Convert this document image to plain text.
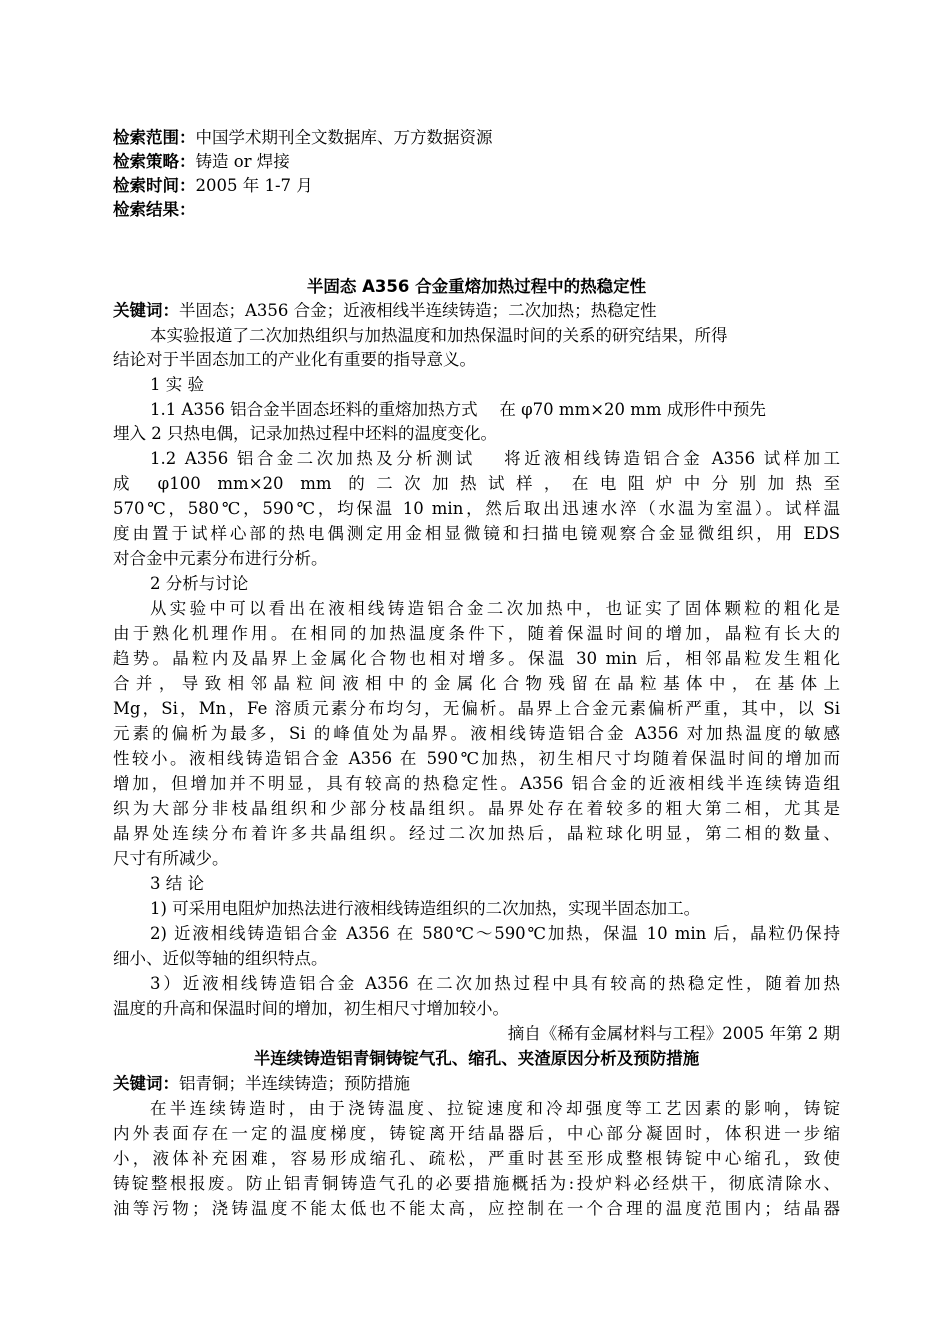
检索范围：中国学术期刊全文数据库、万方数据资源
检索策略：铸造 or 焊接
检索时间：2005 年 1-7 月
检索结果：
半固态 A356 合金重熔加热过程中的热稳定性
关键词：半固态；A356 合金；近液相线半连续铸造；二次加热；热稳定性
本实验报道了二次加热组织与加热温度和加热保温时间的关系的研究结果，所得
结论对于半固态加工的产业化有重要的指导意义。
1 实 验
1.1 A356 铝合金半固态坯料的重熔加热方式　 在 φ70 mm×20 mm 成形件中预先
埋入 2 只热电偶，记录加热过程中坯料的温度变化。
1.2 A356 铝合金二次加热及分析测试　 将近液相线铸造铝合金 A356 试样加工
成 φ100 mm×20 mm 的二次加热试样，在电阻炉中分别加热至
570℃，580℃，590℃，均保温 10 min，然后取出迅速水淬（水温为室温）。试样温
度由置于试样心部的热电偶测定用金相显微镜和扫描电镜观察合金显微组织，用 EDS
对合金中元素分布进行分析。
2 分析与讨论
从实验中可以看出在液相线铸造铝合金二次加热中，也证实了固体颗粒的粗化是
由于熟化机理作用。在相同的加热温度条件下，随着保温时间的增加，晶粒有长大的
趋势。晶粒内及晶界上金属化合物也相对增多。保温 30 min 后，相邻晶粒发生粗化
合并，导致相邻晶粒间液相中的金属化合物残留在晶粒基体中，在基体上
Mg，Si，Mn，Fe 溶质元素分布均匀，无偏析。晶界上合金元素偏析严重，其中，以 Si
元素的偏析为最多，Si 的峰值处为晶界。液相线铸造铝合金 A356 对加热温度的敏感
性较小。液相线铸造铝合金 A356 在 590℃加热，初生相尺寸均随着保温时间的增加而
增加，但增加并不明显，具有较高的热稳定性。A356 铝合金的近液相线半连续铸造组
织为大部分非枝晶组织和少部分枝晶组织。晶界处存在着较多的粗大第二相，尤其是
晶界处连续分布着许多共晶组织。经过二次加热后，晶粒球化明显，第二相的数量、
尺寸有所减少。
3 结 论
1) 可采用电阻炉加热法进行液相线铸造组织的二次加热，实现半固态加工。
2) 近液相线铸造铝合金 A356 在 580℃～590℃加热，保温 10 min 后，晶粒仍保持
细小、近似等轴的组织特点。
3）近液相线铸造铝合金 A356 在二次加热过程中具有较高的热稳定性，随着加热
温度的升高和保温时间的增加，初生相尺寸增加较小。
摘自《稀有金属材料与工程》2005 年第 2 期
半连续铸造铝青铜铸锭气孔、缩孔、夹渣原因分析及预防措施
关键词：铝青铜；半连续铸造；预防措施
在半连续铸造时，由于浇铸温度、拉锭速度和冷却强度等工艺因素的影响，铸锭
内外表面存在一定的温度梯度，铸锭离开结晶器后，中心部分凝固时，体积进一步缩
小，液体补充困难，容易形成缩孔、疏松，严重时甚至形成整根铸锭中心缩孔，致使
铸锭整根报废。防止铝青铜铸造气孔的必要措施概括为:投炉料必经烘干，彻底清除水、
油等污物；浇铸温度不能太低也不能太高，应控制在一个合理的温度范围内；结晶器
